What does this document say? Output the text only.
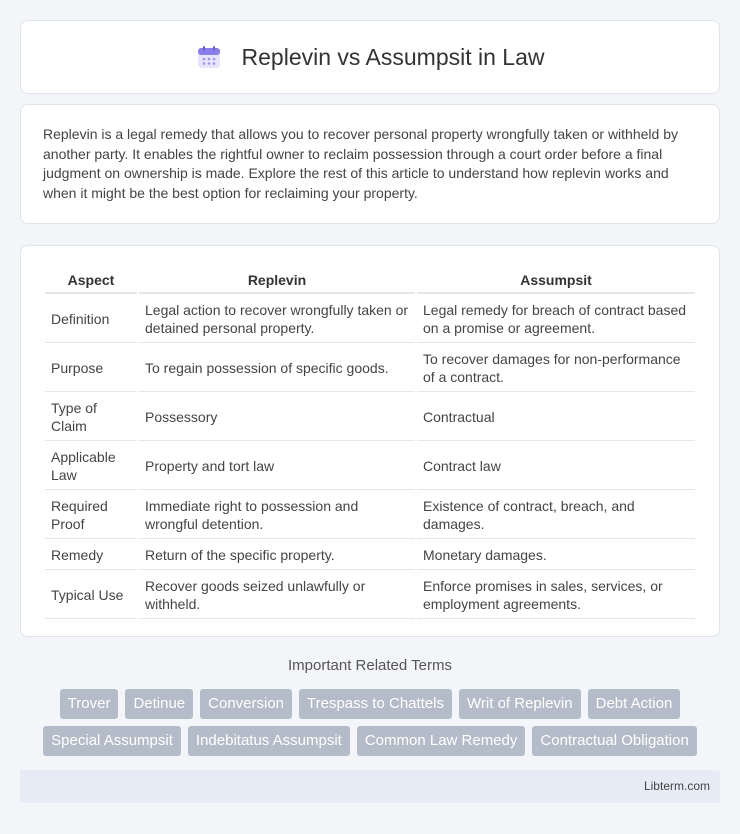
Replevin vs Assumpsit in Law

Replevin is a legal remedy that allows you to recover personal property wrongfully taken or withheld by another party. It enables the rightful owner to reclaim possession through a court order before a final judgment on ownership is made. Explore the rest of this article to understand how replevin works and when it might be the best option for reclaiming your property.

Aspect	Replevin	Assumpsit
Definition	Legal action to recover wrongfully taken or detained personal property.	Legal remedy for breach of contract based on a promise or agreement.
Purpose	To regain possession of specific goods.	To recover damages for non-performance of a contract.
Type of Claim	Possessory	Contractual
Applicable Law	Property and tort law	Contract law
Required Proof	Immediate right to possession and wrongful detention.	Existence of contract, breach, and damages.
Remedy	Return of the specific property.	Monetary damages.
Typical Use	Recover goods seized unlawfully or withheld.	Enforce promises in sales, services, or employment agreements.
Important Related Terms
Trover	Detinue	Conversion	Trespass to Chattels	Writ of Replevin	Debt Action
Special Assumpsit	Indebitatus Assumpsit	Common Law Remedy	Contractual Obligation
Libterm.com
